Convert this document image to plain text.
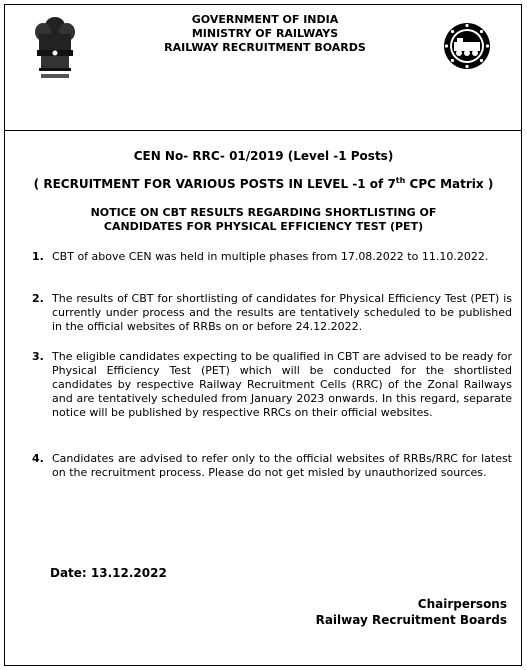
GOVERNMENT OF INDIA
MINISTRY OF RAILWAYS
RAILWAY RECRUITMENT BOARDS
CEN No- RRC- 01/2019 (Level -1 Posts)
( RECRUITMENT FOR VARIOUS POSTS IN LEVEL -1 of 7th CPC Matrix )
NOTICE ON CBT RESULTS REGARDING SHORTLISTING OF
CANDIDATES FOR PHYSICAL EFFICIENCY TEST (PET)
1. CBT of above CEN was held in multiple phases from 17.08.2022 to 11.10.2022.
2. The results of CBT for shortlisting of candidates for Physical Efficiency Test (PET) is currently under process and the results are tentatively scheduled to be published in the official websites of RRBs on or before 24.12.2022.
3. The eligible candidates expecting to be qualified in CBT are advised to be ready for Physical Efficiency Test (PET) which will be conducted for the shortlisted candidates by respective Railway Recruitment Cells (RRC) of the Zonal Railways and are tentatively scheduled from January 2023 onwards. In this regard, separate notice will be published by respective RRCs on their official websites.
4. Candidates are advised to refer only to the official websites of RRBs/RRC for latest on the recruitment process. Please do not get misled by unauthorized sources.
Date: 13.12.2022
Chairpersons
Railway Recruitment Boards
